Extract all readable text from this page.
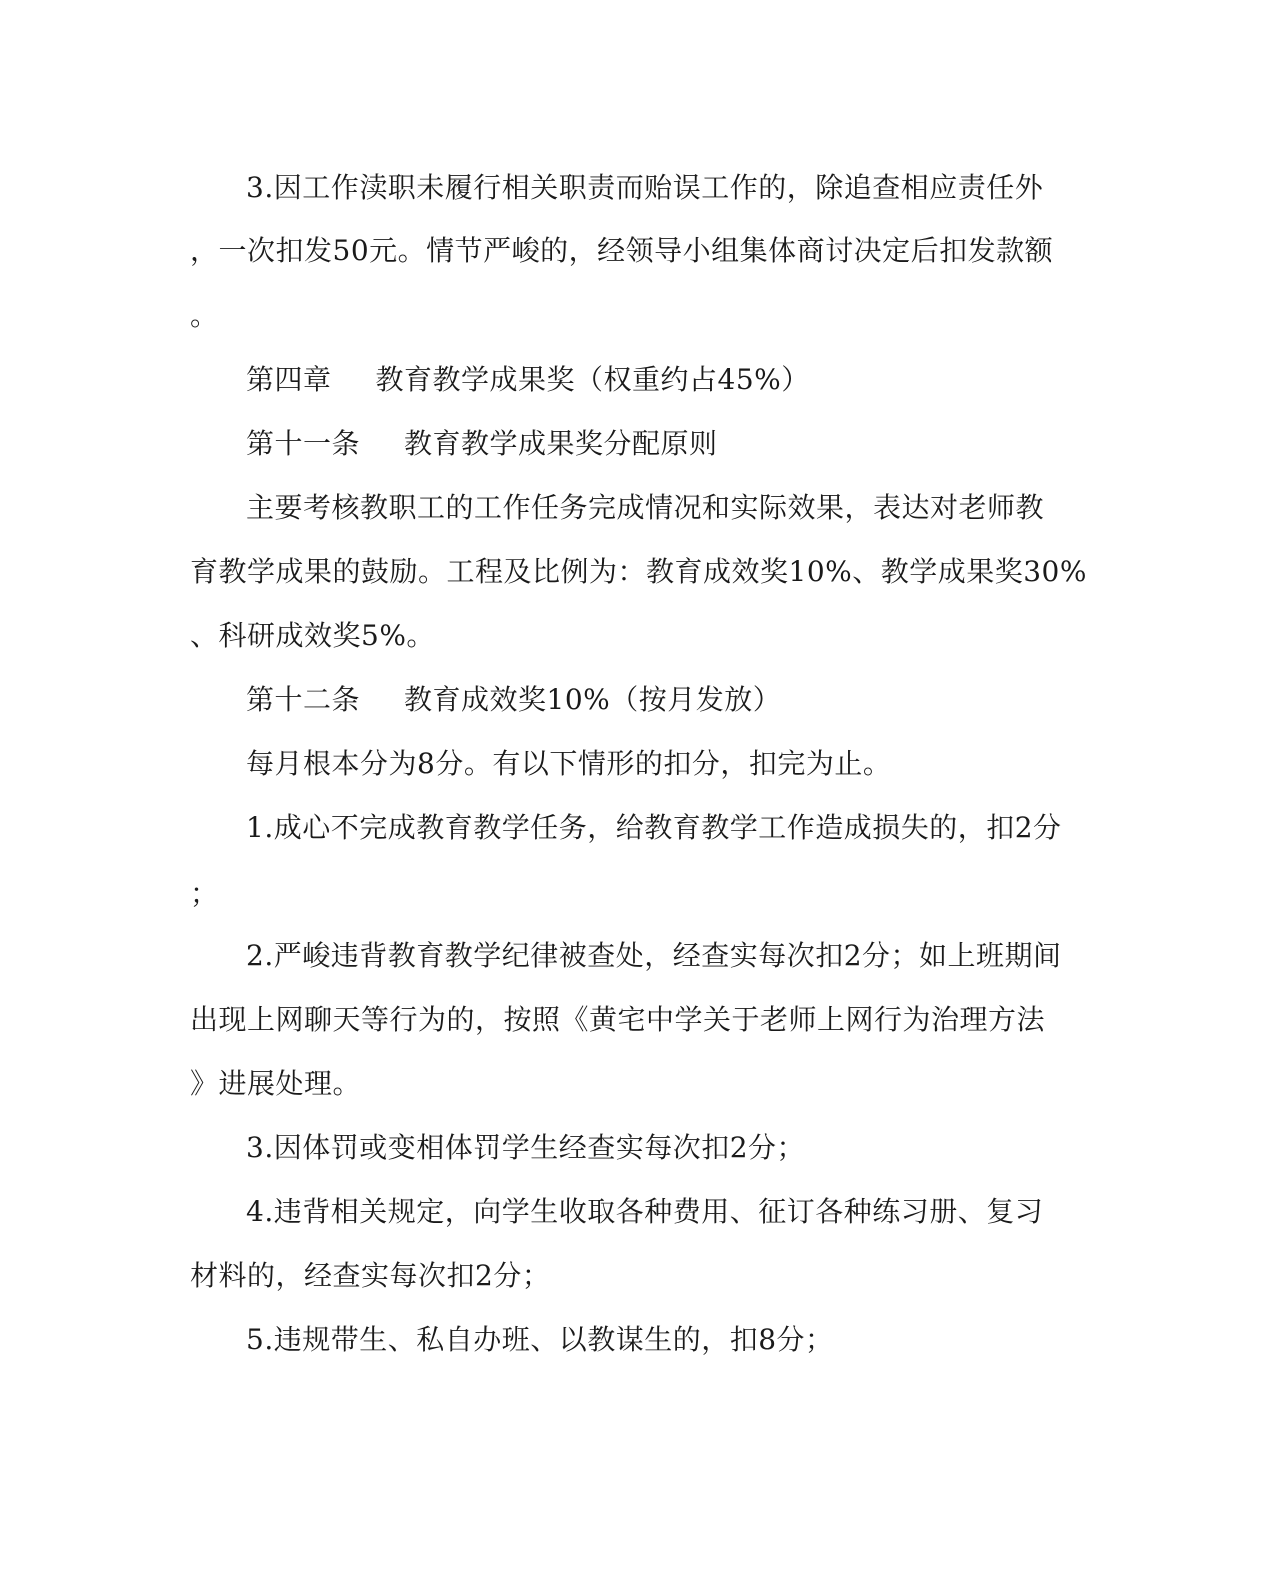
3.因工作渎职未履行相关职责而贻误工作的，除追查相应责任外
，一次扣发50元。情节严峻的，经领导小组集体商讨决定后扣发款额
。
第四章 教育教学成果奖（权重约占45%）
第十一条 教育教学成果奖分配原则
主要考核教职工的工作任务完成情况和实际效果，表达对老师教
育教学成果的鼓励。工程及比例为：教育成效奖10%、教学成果奖30%
、科研成效奖5%。
第十二条 教育成效奖10%（按月发放）
每月根本分为8分。有以下情形的扣分，扣完为止。
1.成心不完成教育教学任务，给教育教学工作造成损失的，扣2分
；
2.严峻违背教育教学纪律被查处，经查实每次扣2分；如上班期间
出现上网聊天等行为的，按照《黄宅中学关于老师上网行为治理方法
》进展处理。
3.因体罚或变相体罚学生经查实每次扣2分；
4.违背相关规定，向学生收取各种费用、征订各种练习册、复习
材料的，经查实每次扣2分；
5.违规带生、私自办班、以教谋生的，扣8分；
